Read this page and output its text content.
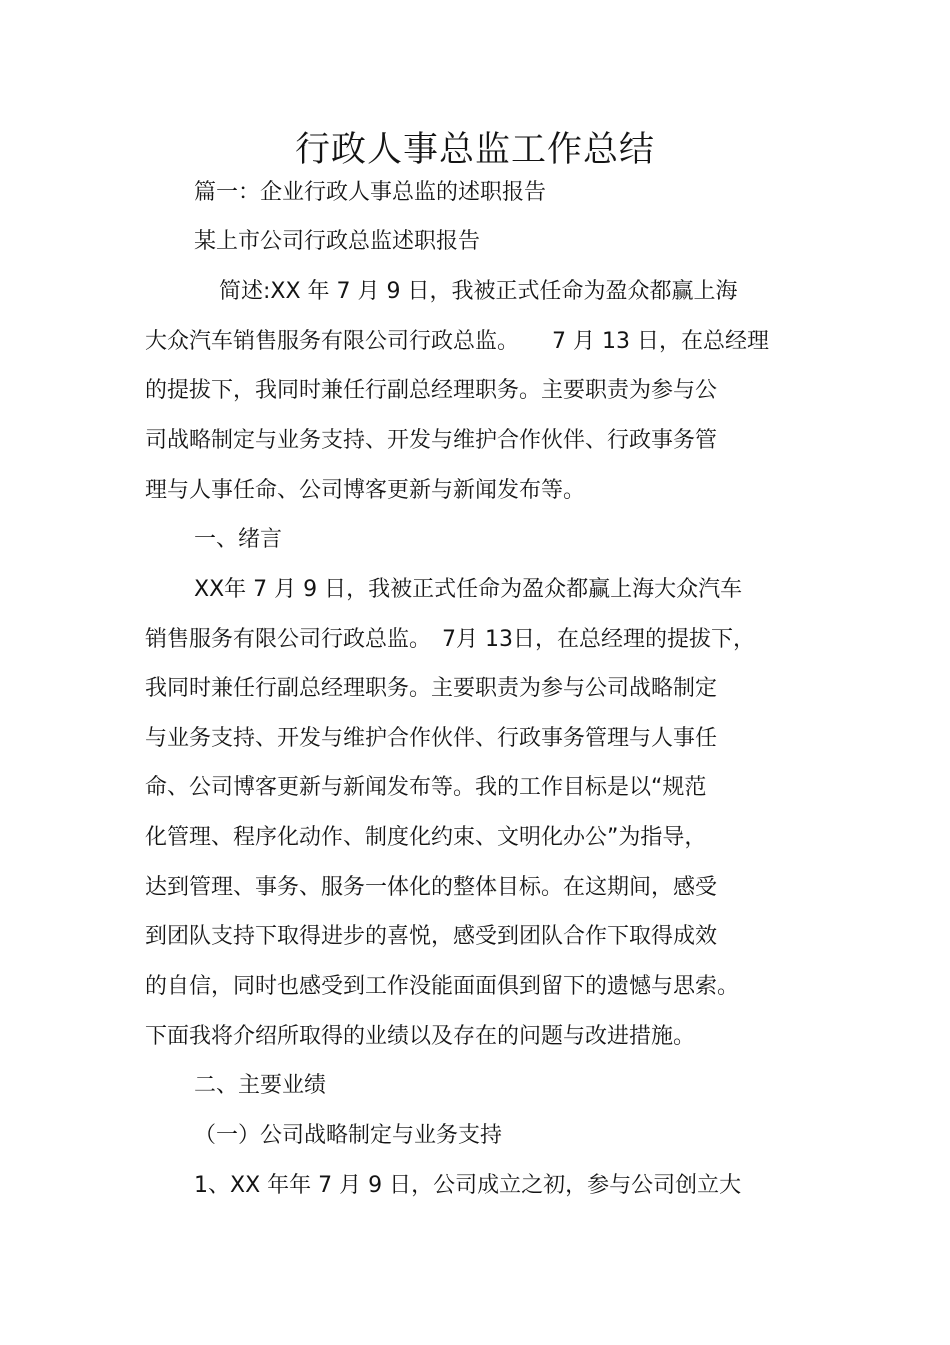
行政人事总监工作总结
篇一：企业行政人事总监的述职报告
某上市公司行政总监述职报告
简述:XX 年 7 月 9 日，我被正式任命为盈众都赢上海
大众汽车销售服务有限公司行政总监。　　7 月 13 日，在总经理
的提拔下，我同时兼任行副总经理职务。主要职责为参与公
司战略制定与业务支持、开发与维护合作伙伴、行政事务管
理与人事任命、公司博客更新与新闻发布等。
一、绪言
XX年 7 月 9 日，我被正式任命为盈众都赢上海大众汽车
销售服务有限公司行政总监。　7月 13日，在总经理的提拔下，
我同时兼任行副总经理职务。主要职责为参与公司战略制定
与业务支持、开发与维护合作伙伴、行政事务管理与人事任
命、公司博客更新与新闻发布等。我的工作目标是以“规范
化管理、程序化动作、制度化约束、文明化办公”为指导，
达到管理、事务、服务一体化的整体目标。在这期间，感受
到团队支持下取得进步的喜悦，感受到团队合作下取得成效
的自信，同时也感受到工作没能面面俱到留下的遗憾与思索。
下面我将介绍所取得的业绩以及存在的问题与改进措施。
二、主要业绩
（一）公司战略制定与业务支持
1、XX 年年 7 月 9 日，公司成立之初，参与公司创立大
